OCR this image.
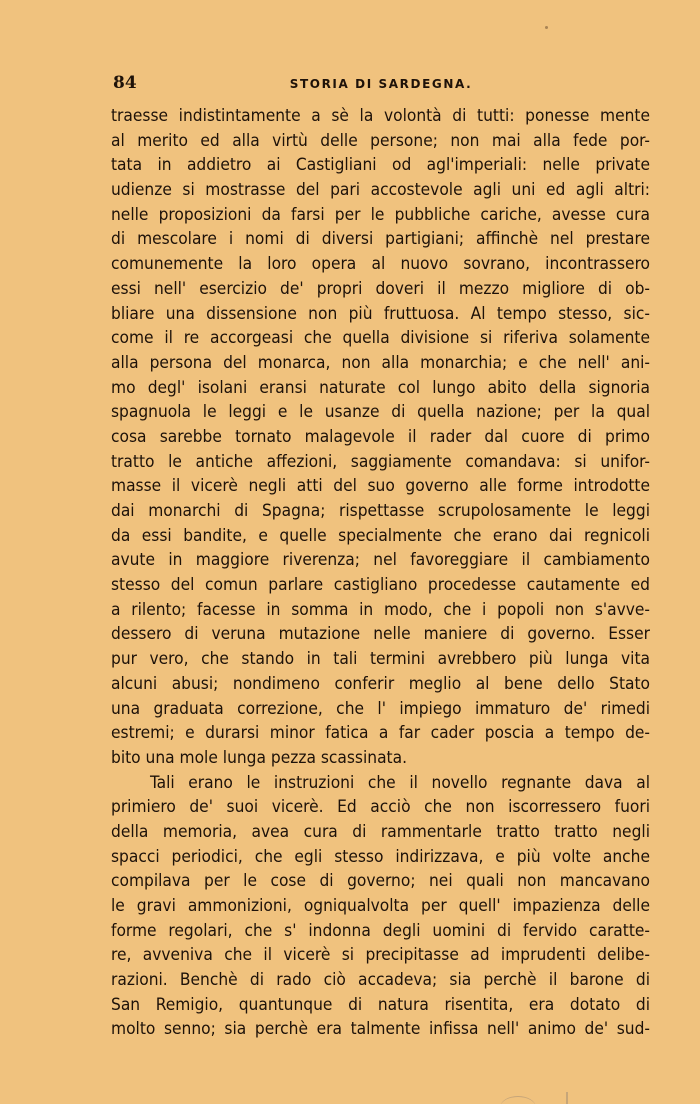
84	STORIA DI SARDEGNA.
traesse indistintamente a sè la volontà di tutti: ponesse mente
al merito ed alla virtù delle persone; non mai alla fede por-
tata in addietro ai Castigliani od agl'imperiali: nelle private
udienze si mostrasse del pari accostevole agli uni ed agli altri:
nelle proposizioni da farsi per le pubbliche cariche, avesse cura
di mescolare i nomi di diversi partigiani; affinchè nel prestare
comunemente la loro opera al nuovo sovrano, incontrassero
essi nell' esercizio de' propri doveri il mezzo migliore di ob-
bliare una dissensione non più fruttuosa. Al tempo stesso, sic-
come il re accorgeasi che quella divisione si riferiva solamente
alla persona del monarca, non alla monarchia; e che nell' ani-
mo degl' isolani eransi naturate col lungo abito della signoria
spagnuola le leggi e le usanze di quella nazione; per la qual
cosa sarebbe tornato malagevole il rader dal cuore di primo
tratto le antiche affezioni, saggiamente comandava: si unifor-
masse il vicerè negli atti del suo governo alle forme introdotte
dai monarchi di Spagna; rispettasse scrupolosamente le leggi
da essi bandite, e quelle specialmente che erano dai regnicoli
avute in maggiore riverenza; nel favoreggiare il cambiamento
stesso del comun parlare castigliano procedesse cautamente ed
a rilento; facesse in somma in modo, che i popoli non s'avve-
dessero di veruna mutazione nelle maniere di governo. Esser
pur vero, che stando in tali termini avrebbero più lunga vita
alcuni abusi; nondimeno conferir meglio al bene dello Stato
una graduata correzione, che l' impiego immaturo de' rimedi
estremi; e durarsi minor fatica a far cader poscia a tempo de-
bito una mole lunga pezza scassinata.
Tali erano le instruzioni che il novello regnante dava al
primiero de' suoi vicerè. Ed acciò che non iscorressero fuori
della memoria, avea cura di rammentarle tratto tratto negli
spacci periodici, che egli stesso indirizzava, e più volte anche
compilava per le cose di governo; nei quali non mancavano
le gravi ammonizioni, ogniqualvolta per quell' impazienza delle
forme regolari, che s' indonna degli uomini di fervido caratte-
re, avveniva che il vicerè si precipitasse ad imprudenti delibe-
razioni. Benchè di rado ciò accadeva; sia perchè il barone di
San Remigio, quantunque di natura risentita, era dotato di
molto senno; sia perchè era talmente infissa nell' animo de' sud-
